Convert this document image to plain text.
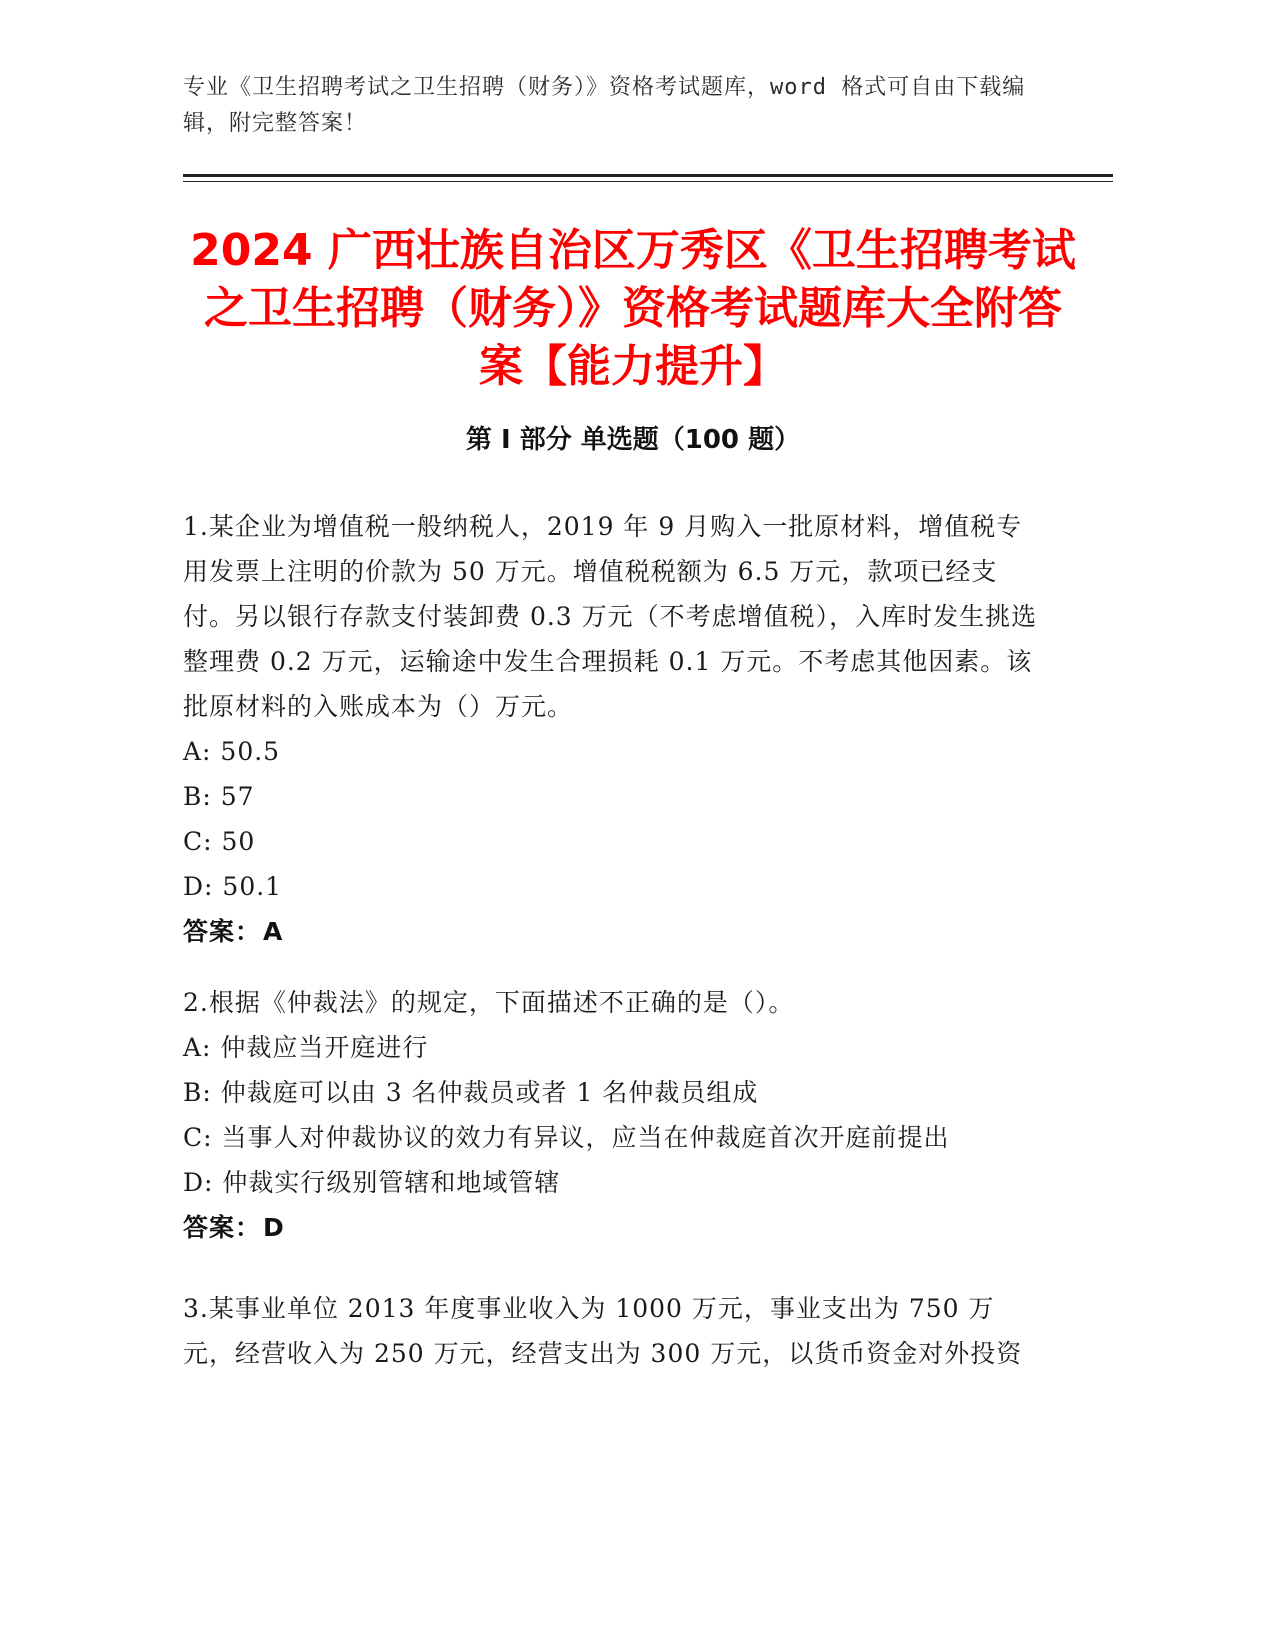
专业《卫生招聘考试之卫生招聘（财务）》资格考试题库，word 格式可自由下载编辑，附完整答案！
2024 广西壮族自治区万秀区《卫生招聘考试之卫生招聘（财务）》资格考试题库大全附答案【能力提升】
第 I 部分 单选题（100 题）
1.某企业为增值税一般纳税人，2019 年 9 月购入一批原材料，增值税专用发票上注明的价款为 50 万元。增值税税额为 6.5 万元，款项已经支付。另以银行存款支付装卸费 0.3 万元（不考虑增值税），入库时发生挑选整理费 0.2 万元，运输途中发生合理损耗 0.1 万元。不考虑其他因素。该批原材料的入账成本为（）万元。
A: 50.5
B: 57
C: 50
D: 50.1
答案：A
2.根据《仲裁法》的规定，下面描述不正确的是（）。
A: 仲裁应当开庭进行
B: 仲裁庭可以由 3 名仲裁员或者 1 名仲裁员组成
C: 当事人对仲裁协议的效力有异议，应当在仲裁庭首次开庭前提出
D: 仲裁实行级别管辖和地域管辖
答案：D
3.某事业单位 2013 年度事业收入为 1000 万元，事业支出为 750 万元，经营收入为 250 万元，经营支出为 300 万元，以货币资金对外投资
